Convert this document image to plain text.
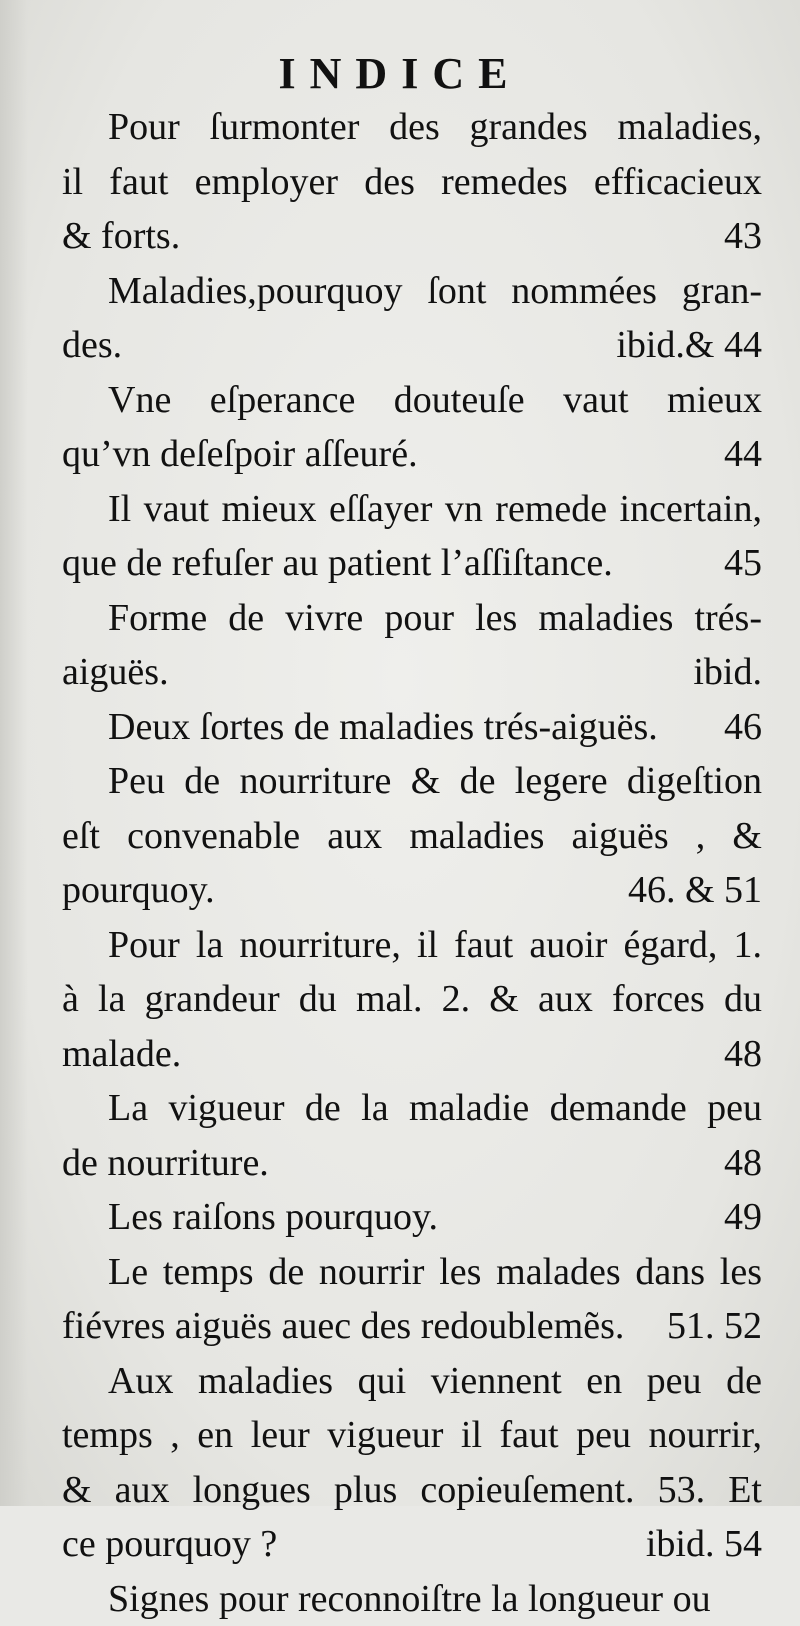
INDICE
Pour ſurmonter des grandes maladies,
il faut employer des remedes efficacieux
& forts.	43
Maladies,pourquoy ſont nommées gran-
des.	ibid.& 44
Vne eſperance douteuſe vaut mieux
qu’vn deſeſpoir aſſeuré.	44
Il vaut mieux eſſayer vn remede incertain,
que de refuſer au patient l’aſſiſtance.	45
Forme de vivre pour les maladies trés-
aiguës.	ibid.
Deux ſortes de maladies trés-aiguës. 46
Peu de nourriture & de legere digeſtion
eſt convenable aux maladies aiguës , &
pourquoy.	46. & 51
Pour la nourriture, il faut auoir égard, 1.
à la grandeur du mal. 2. & aux forces du
malade.	48
La vigueur de la maladie demande peu
de nourriture.	48
Les raiſons pourquoy.	49
Le temps de nourrir les malades dans les
fiévres aiguës auec des redoublemẽs. 51. 52
Aux maladies qui viennent en peu de
temps , en leur vigueur il faut peu nourrir,
& aux longues plus copieuſement. 53. Et
ce pourquoy ?	ibid. 54
Signes pour reconnoiſtre la longueur ou
